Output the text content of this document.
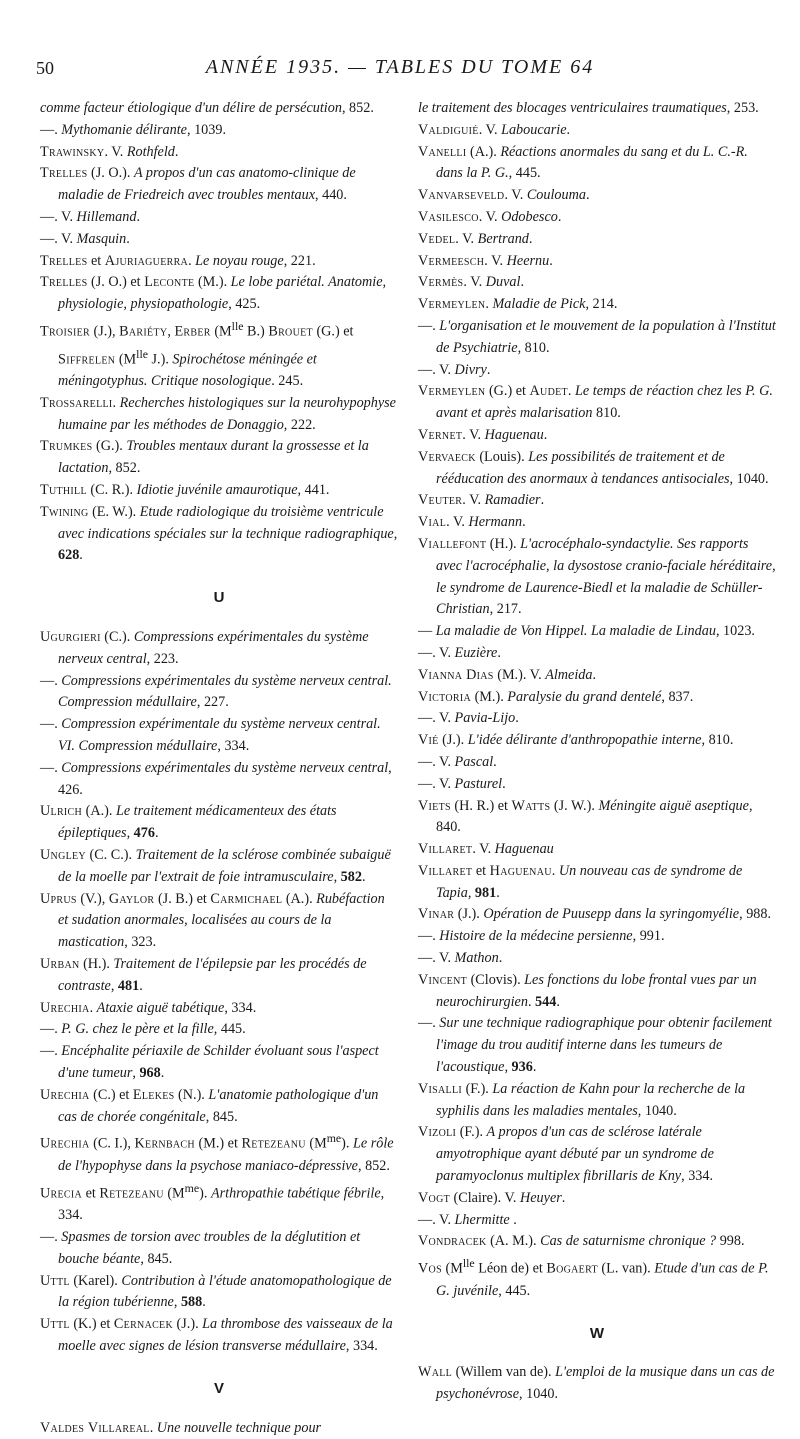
50	ANNÉE 1935. — TABLES DU TOME 64

comme facteur étiologique d'un délire de persécution, 852.

—. Mythomanie délirante, 1039.

Trawinsky. V. Rothfeld.

Trelles (J. O.). A propos d'un cas anatomo-clinique de maladie de Friedreich avec troubles mentaux, 440.

—. V. Hillemand.

—. V. Masquin.

Trelles et Ajuriaguerra. Le noyau rouge, 221.

Trelles (J. O.) et Leconte (M.). Le lobe pariétal. Anatomie, physiologie, physiopathologie, 425.

Troisier (J.), Bariéty, Erber ($M^{lle}$ B.) Brouet (G.) et Siffrelen ($M^{lle}$ J.). Spirochétose méningée et méningotyphus. Critique nosologique. 245.

Trossarelli. Recherches histologiques sur la neurohypophyse humaine par les méthodes de Donaggio, 222.

Trumkes (G.). Troubles mentaux durant la grossesse et la lactation, 852.

Tuthill (C. R.). Idiotie juvénile amaurotique, 441.

Twining (E. W.). Etude radiologique du troisième ventricule avec indications spéciales sur la technique radiographique, 628.

U

Ugurgieri (C.). Compressions expérimentales du système nerveux central, 223.

—. Compressions expérimentales du système nerveux central. Compression médullaire, 227.

—. Compression expérimentale du système nerveux central. VI. Compression médullaire, 334.

—. Compressions expérimentales du système nerveux central, 426.

Ulrich (A.). Le traitement médicamenteux des états épileptiques, 476.

Ungley (C. C.). Traitement de la sclérose combinée subaiguë de la moelle par l'extrait de foie intramusculaire, 582.

Uprus (V.), Gaylor (J. B.) et Carmichael (A.). Rubéfaction et sudation anormales, localisées au cours de la mastication, 323.

Urban (H.). Traitement de l'épilepsie par les procédés de contraste, 481.

Urechia. Ataxie aiguë tabétique, 334.

—. P. G. chez le père et la fille, 445.

—. Encéphalite périaxile de Schilder évoluant sous l'aspect d'une tumeur, 968.

Urechia (C.) et Elekes (N.). L'anatomie pathologique d'un cas de chorée congénitale, 845.

Urechia (C. I.), Kernbach (M.) et Retezeanu $(M^{me})$. Le rôle de l'hypophyse dans la psychose maniaco-dépressive, 852.

Urecia et Retezeanu $(M^{me})$. Arthropathie tabétique fébrile, 334.

—. Spasmes de torsion avec troubles de la déglutition et bouche béante, 845.

Uttl (Karel). Contribution à l'étude anatomopathologique de la région tubérienne, 588.

Uttl (K.) et Cernacek (J.). La thrombose des vaisseaux de la moelle avec signes de lésion transverse médullaire, 334.

V

Valdes Villareal. Une nouvelle technique pour

le traitement des blocages ventriculaires traumatiques, 253.

Valdiguié. V. Laboucarie.

Vanelli (A.). Réactions anormales du sang et du L. C.-R. dans la P. G., 445.

Vanvarseveld. V. Coulouma.

Vasilesco. V. Odobesco.

Vedel. V. Bertrand.

Vermeesch. V. Heernu.

Vermès. V. Duval.

Vermeylen. Maladie de Pick, 214.

—. L'organisation et le mouvement de la population à l'Institut de Psychiatrie, 810.

—. V. Divry.

Vermeylen (G.) et Audet. Le temps de réaction chez les P. G. avant et après malarisation 810.

Vernet. V. Haguenau.

Vervaeck (Louis). Les possibilités de traitement et de rééducation des anormaux à tendances antisociales, 1040.

Veuter. V. Ramadier.

Vial. V. Hermann.

Viallefont (H.). L'acrocéphalo-syndactylie. Ses rapports avec l'acrocéphalie, la dysostose cranio-faciale héréditaire, le syndrome de Laurence-Biedl et la maladie de Schüller-Christian, 217.

— La maladie de Von Hippel. La maladie de Lindau, 1023.

—. V. Euzière.

Vianna Dias (M.). V. Almeida.

Victoria (M.). Paralysie du grand dentelé, 837.

—. V. Pavia-Lijo.

Vié (J.). L'idée délirante d'anthropopathie interne, 810.

—. V. Pascal.

—. V. Pasturel.

Viets (H. R.) et Watts (J. W.). Méningite aiguë aseptique, 840.

Villaret. V. Haguenau

Villaret et Haguenau. Un nouveau cas de syndrome de Tapia, 981.

Vinar (J.). Opération de Puusepp dans la syringomyélie, 988.

—. Histoire de la médecine persienne, 991.

—. V. Mathon.

Vincent (Clovis). Les fonctions du lobe frontal vues par un neurochirurgien. 544.

—. Sur une technique radiographique pour obtenir facilement l'image du trou auditif interne dans les tumeurs de l'acoustique, 936.

Visalli (F.). La réaction de Kahn pour la recherche de la syphilis dans les maladies mentales, 1040.

Vizoli (F.). A propos d'un cas de sclérose latérale amyotrophique ayant débuté par un syndrome de paramyoclonus multiplex fibrillaris de Kny, 334.

Vogt (Claire). V. Heuyer.

—. V. Lhermitte .

Vondracek (A. M.). Cas de saturnisme chronique ? 998.

Vos ($M^{lle}$ Léon de) et Bogaert (L. van). Etude d'un cas de P. G. juvénile, 445.

W

Wall (Willem van de). L'emploi de la musique dans un cas de psychonévrose, 1040.
